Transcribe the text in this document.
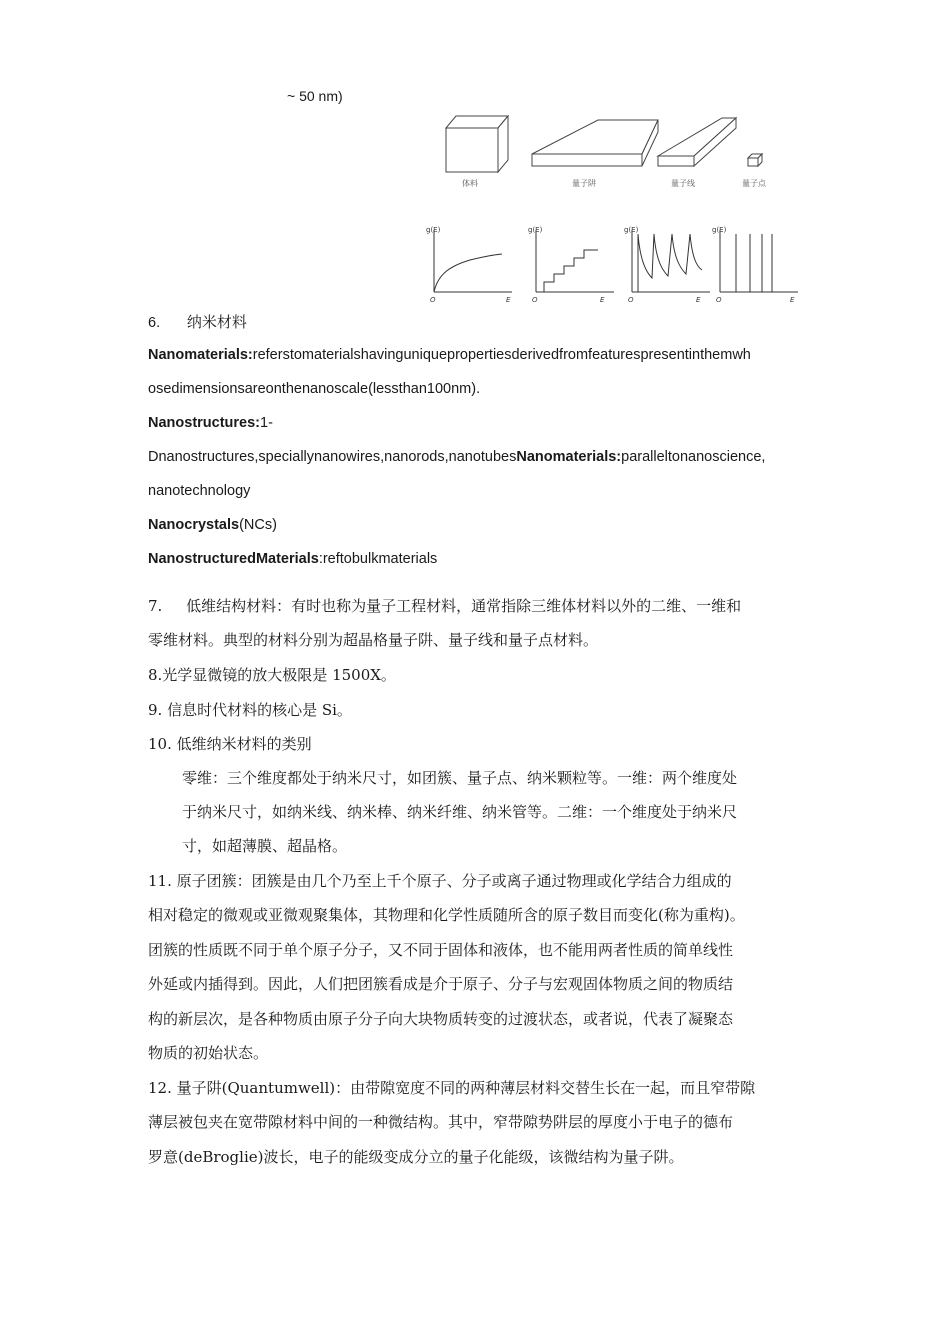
~ 50 nm)
体料	量子阱	量子线	量子点
g(E)	g(E)	g(E)	g(E)
E	E	E	E
O	O	O	O
6. 纳米材料
Nanomaterials:referstomaterialshavinguniquepropertiesderivedfromfeaturespresentinthemwh
osedimensionsareonthenanoscale(lessthan100nm).
Nanostructures:1-
Dnanostructures,speciallynanowires,nanorods,nanotubesNanomaterials:paralleltonanoscience,
nanotechnology
Nanocrystals(NCs)
NanostructuredMaterials:reftobulkmaterials
7.     低维结构材料：有时也称为量子工程材料，通常指除三维体材料以外的二维、一维和
零维材料。典型的材料分别为超晶格量子阱、量子线和量子点材料。
8.光学显微镜的放大极限是 1500X。
9. 信息时代材料的核心是 Si。
10. 低维纳米材料的类别
零维：三个维度都处于纳米尺寸，如团簇、量子点、纳米颗粒等。一维：两个维度处
于纳米尺寸，如纳米线、纳米棒、纳米纤维、纳米管等。二维：一个维度处于纳米尺
寸，如超薄膜、超晶格。
11. 原子团簇：团簇是由几个乃至上千个原子、分子或离子通过物理或化学结合力组成的
相对稳定的微观或亚微观聚集体，其物理和化学性质随所含的原子数目而变化(称为重构)。
团簇的性质既不同于单个原子分子，又不同于固体和液体，也不能用两者性质的简单线性
外延或内插得到。因此，人们把团簇看成是介于原子、分子与宏观固体物质之间的物质结
构的新层次，是各种物质由原子分子向大块物质转变的过渡状态，或者说，代表了凝聚态
物质的初始状态。
12. 量子阱(Quantumwell)：由带隙宽度不同的两种薄层材料交替生长在一起，而且窄带隙
薄层被包夹在宽带隙材料中间的一种微结构。其中，窄带隙势阱层的厚度小于电子的德布
罗意(deBroglie)波长，电子的能级变成分立的量子化能级，该微结构为量子阱。
